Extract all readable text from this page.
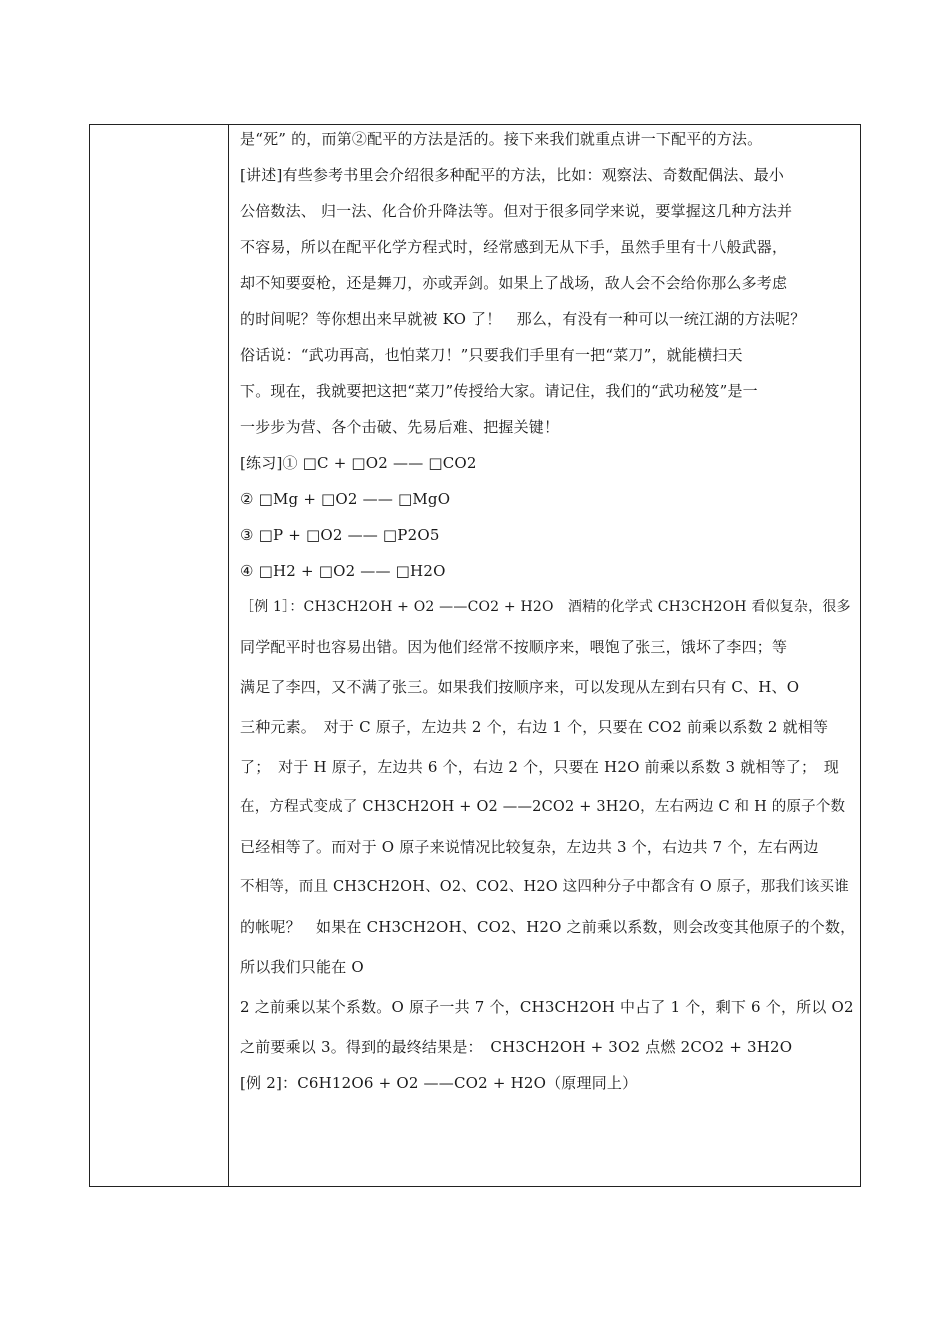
是“死” 的，而第②配平的方法是活的。接下来我们就重点讲一下配平的方法。
[讲述]有些参考书里会介绍很多种配平的方法，比如：观察法、奇数配偶法、最小
公倍数法、 归一法、化合价升降法等。但对于很多同学来说，要掌握这几种方法并
不容易，所以在配平化学方程式时，经常感到无从下手，虽然手里有十八般武器，
却不知要耍枪，还是舞刀，亦或弄剑。如果上了战场，敌人会不会给你那么多考虑
的时间呢？等你想出来早就被 KO 了！　那么，有没有一种可以一统江湖的方法呢？
俗话说：“武功再高，也怕菜刀！”只要我们手里有一把“菜刀”，就能横扫天
下。现在，我就要把这把“菜刀”传授给大家。请记住，我们的“武功秘笈”是一
一步步为营、各个击破、先易后难、把握关键！
[练习]① □C + □O2 —— □CO2
② □Mg + □O2 —— □MgO
③ □P + □O2 —— □P2O5
④ □H2 + □O2 —— □H2O
［例 1］：CH3CH2OH + O2 ——CO2 + H2O　酒精的化学式 CH3CH2OH 看似复杂，很多
同学配平时也容易出错。因为他们经常不按顺序来，喂饱了张三，饿坏了李四；等
满足了李四，又不满了张三。如果我们按顺序来，可以发现从左到右只有 C、H、O
三种元素。　对于 C 原子，左边共 2 个，右边 1 个，只要在 CO2 前乘以系数 2 就相等
了；　对于 H 原子，左边共 6 个，右边 2 个，只要在 H2O 前乘以系数 3 就相等了；　现
在，方程式变成了 CH3CH2OH + O2 ——2CO2 + 3H2O，左右两边 C 和 H 的原子个数
已经相等了。而对于 O 原子来说情况比较复杂，左边共 3 个，右边共 7 个，左右两边
不相等，而且 CH3CH2OH、O2、CO2、H2O 这四种分子中都含有 O 原子，那我们该买谁
的帐呢？　如果在 CH3CH2OH、CO2、H2O 之前乘以系数，则会改变其他原子的个数，
所以我们只能在 O
2 之前乘以某个系数。O 原子一共 7 个，CH3CH2OH 中占了 1 个，剩下 6 个，所以 O2
之前要乘以 3。得到的最终结果是：　CH3CH2OH + 3O2 点燃 2CO2 + 3H2O
[例 2]：C6H12O6 + O2 ——CO2 + H2O（原理同上）
